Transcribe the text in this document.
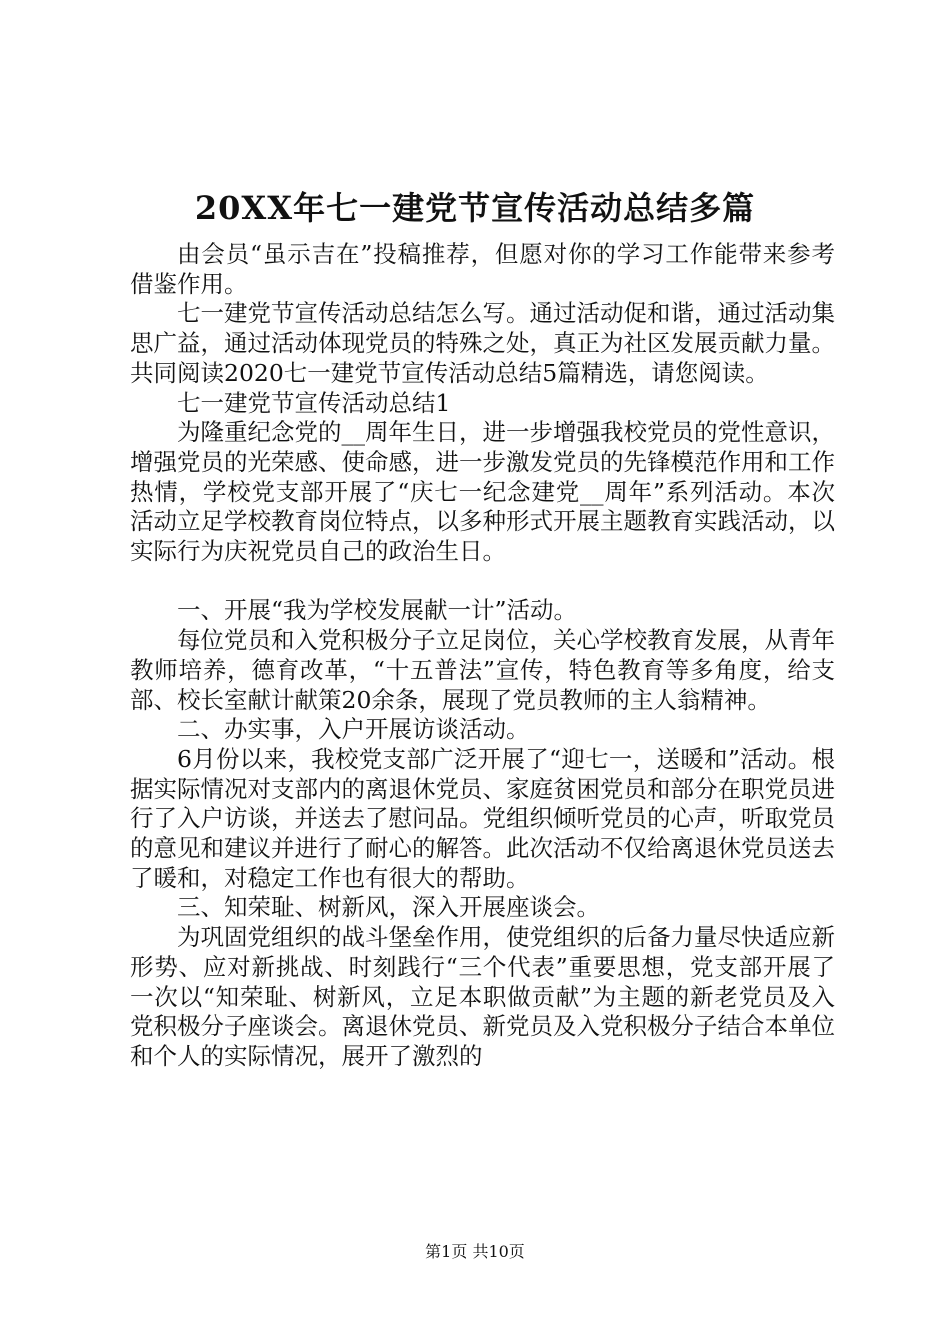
20XX年七一建党节宣传活动总结多篇

由会员“虽示吉在”投稿推荐，但愿对你的学习工作能带来参考借鉴作用。

七一建党节宣传活动总结怎么写。通过活动促和谐，通过活动集思广益，通过活动体现党员的特殊之处，真正为社区发展贡献力量。共同阅读2020七一建党节宣传活动总结5篇精选，请您阅读。

七一建党节宣传活动总结1

为隆重纪念党的__周年生日，进一步增强我校党员的党性意识，增强党员的光荣感、使命感，进一步激发党员的先锋模范作用和工作热情，学校党支部开展了“庆七一纪念建党__周年”系列活动。本次活动立足学校教育岗位特点，以多种形式开展主题教育实践活动，以实际行为庆祝党员自己的政治生日。

一、开展“我为学校发展献一计”活动。

每位党员和入党积极分子立足岗位，关心学校教育发展，从青年教师培养，德育改革，“十五普法”宣传，特色教育等多角度，给支部、校长室献计献策20余条，展现了党员教师的主人翁精神。

二、办实事，入户开展访谈活动。

6月份以来，我校党支部广泛开展了“迎七一，送暖和”活动。根据实际情况对支部内的离退休党员、家庭贫困党员和部分在职党员进行了入户访谈，并送去了慰问品。党组织倾听党员的心声，听取党员的意见和建议并进行了耐心的解答。此次活动不仅给离退休党员送去了暖和，对稳定工作也有很大的帮助。

三、知荣耻、树新风，深入开展座谈会。

为巩固党组织的战斗堡垒作用，使党组织的后备力量尽快适应新形势、应对新挑战、时刻践行“三个代表”重要思想，党支部开展了一次以“知荣耻、树新风，立足本职做贡献”为主题的新老党员及入党积极分子座谈会。离退休党员、新党员及入党积极分子结合本单位和个人的实际情况，展开了激烈的

第1页 共10页
